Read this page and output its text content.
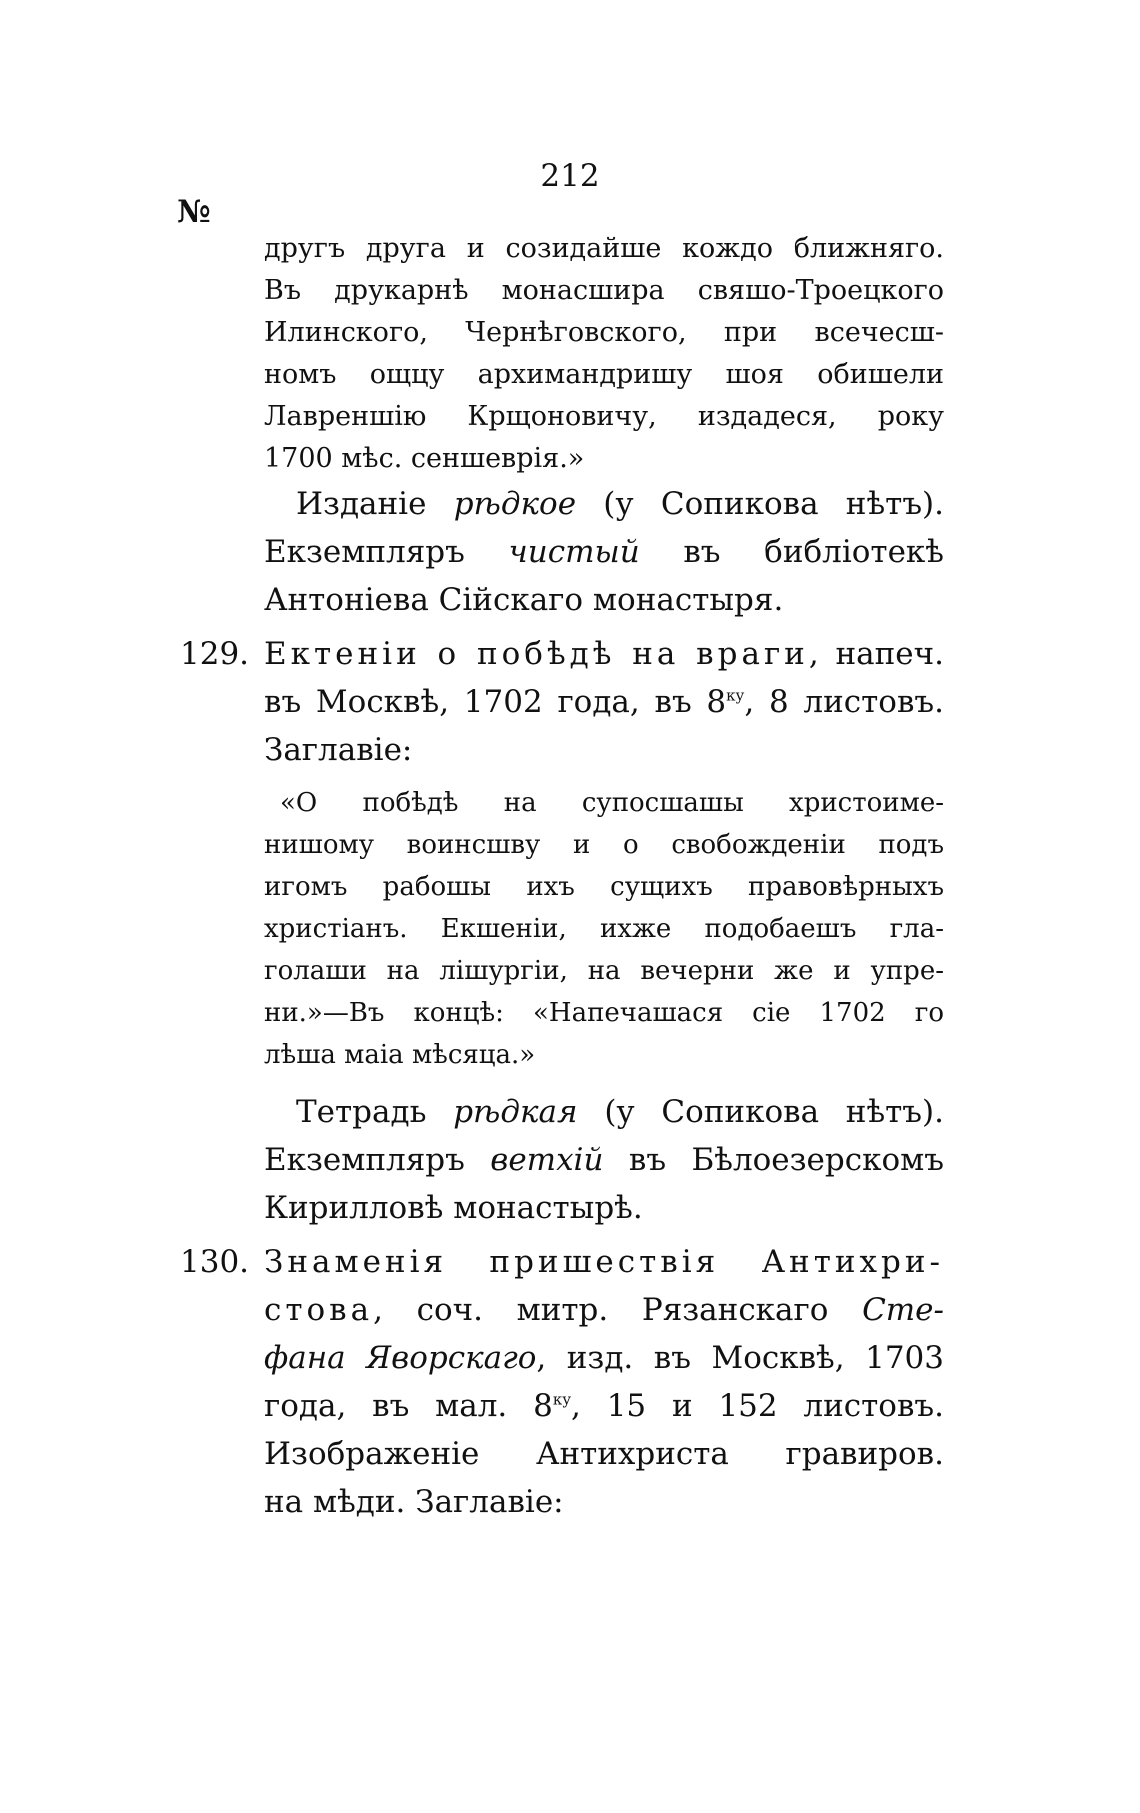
212
№
другъ друга и созидайше кождо ближняго.
Въ друкарнѣ монасшира свяшо-Троецкого
Илинского, Чернѣговского, при всечесш-
номъ ощцу архимандришу шоя обишели
Лавреншію Крщоновичу, издадеся, року
1700 мѣс. сеншеврія.»
Изданіе рѣдкое (у Сопикова нѣтъ).
Екземпляръ чистый въ библіотекѣ
Антоніева Сійскаго монастыря.
129. Ектеніи о побѣдѣ на враги, напеч.
въ Москвѣ, 1702 года, въ $8^{ку}$, 8 листовъ.
Заглавіе:
«О побѣдѣ на супосшашы христоиме-
нишому воинсшву и о свобожденіи подъ
игомъ рабошы ихъ сущихъ правовѣрныхъ
христіанъ. Екшеніи, ихже подобаешъ гла-
голаши на лішургіи, на вечерни же и упре-
ни.»—Въ концѣ: «Напечашася сіе 1702 го
лѣша маіа мѣсяца.»
Тетрадь рѣдкая (у Сопикова нѣтъ).
Екземпляръ ветхій въ Бѣлоезерскомъ
Кирилловѣ монастырѣ.
130. Знаменія пришествія Антихри-
стова, соч. митр. Рязанскаго Сте-
фана Яворскаго, изд. въ Москвѣ, 1703
года, въ мал. $8^{ку}$, 15 и 152 листовъ.
Изображеніе Антихриста гравиров.
на мѣди. Заглавіе:
